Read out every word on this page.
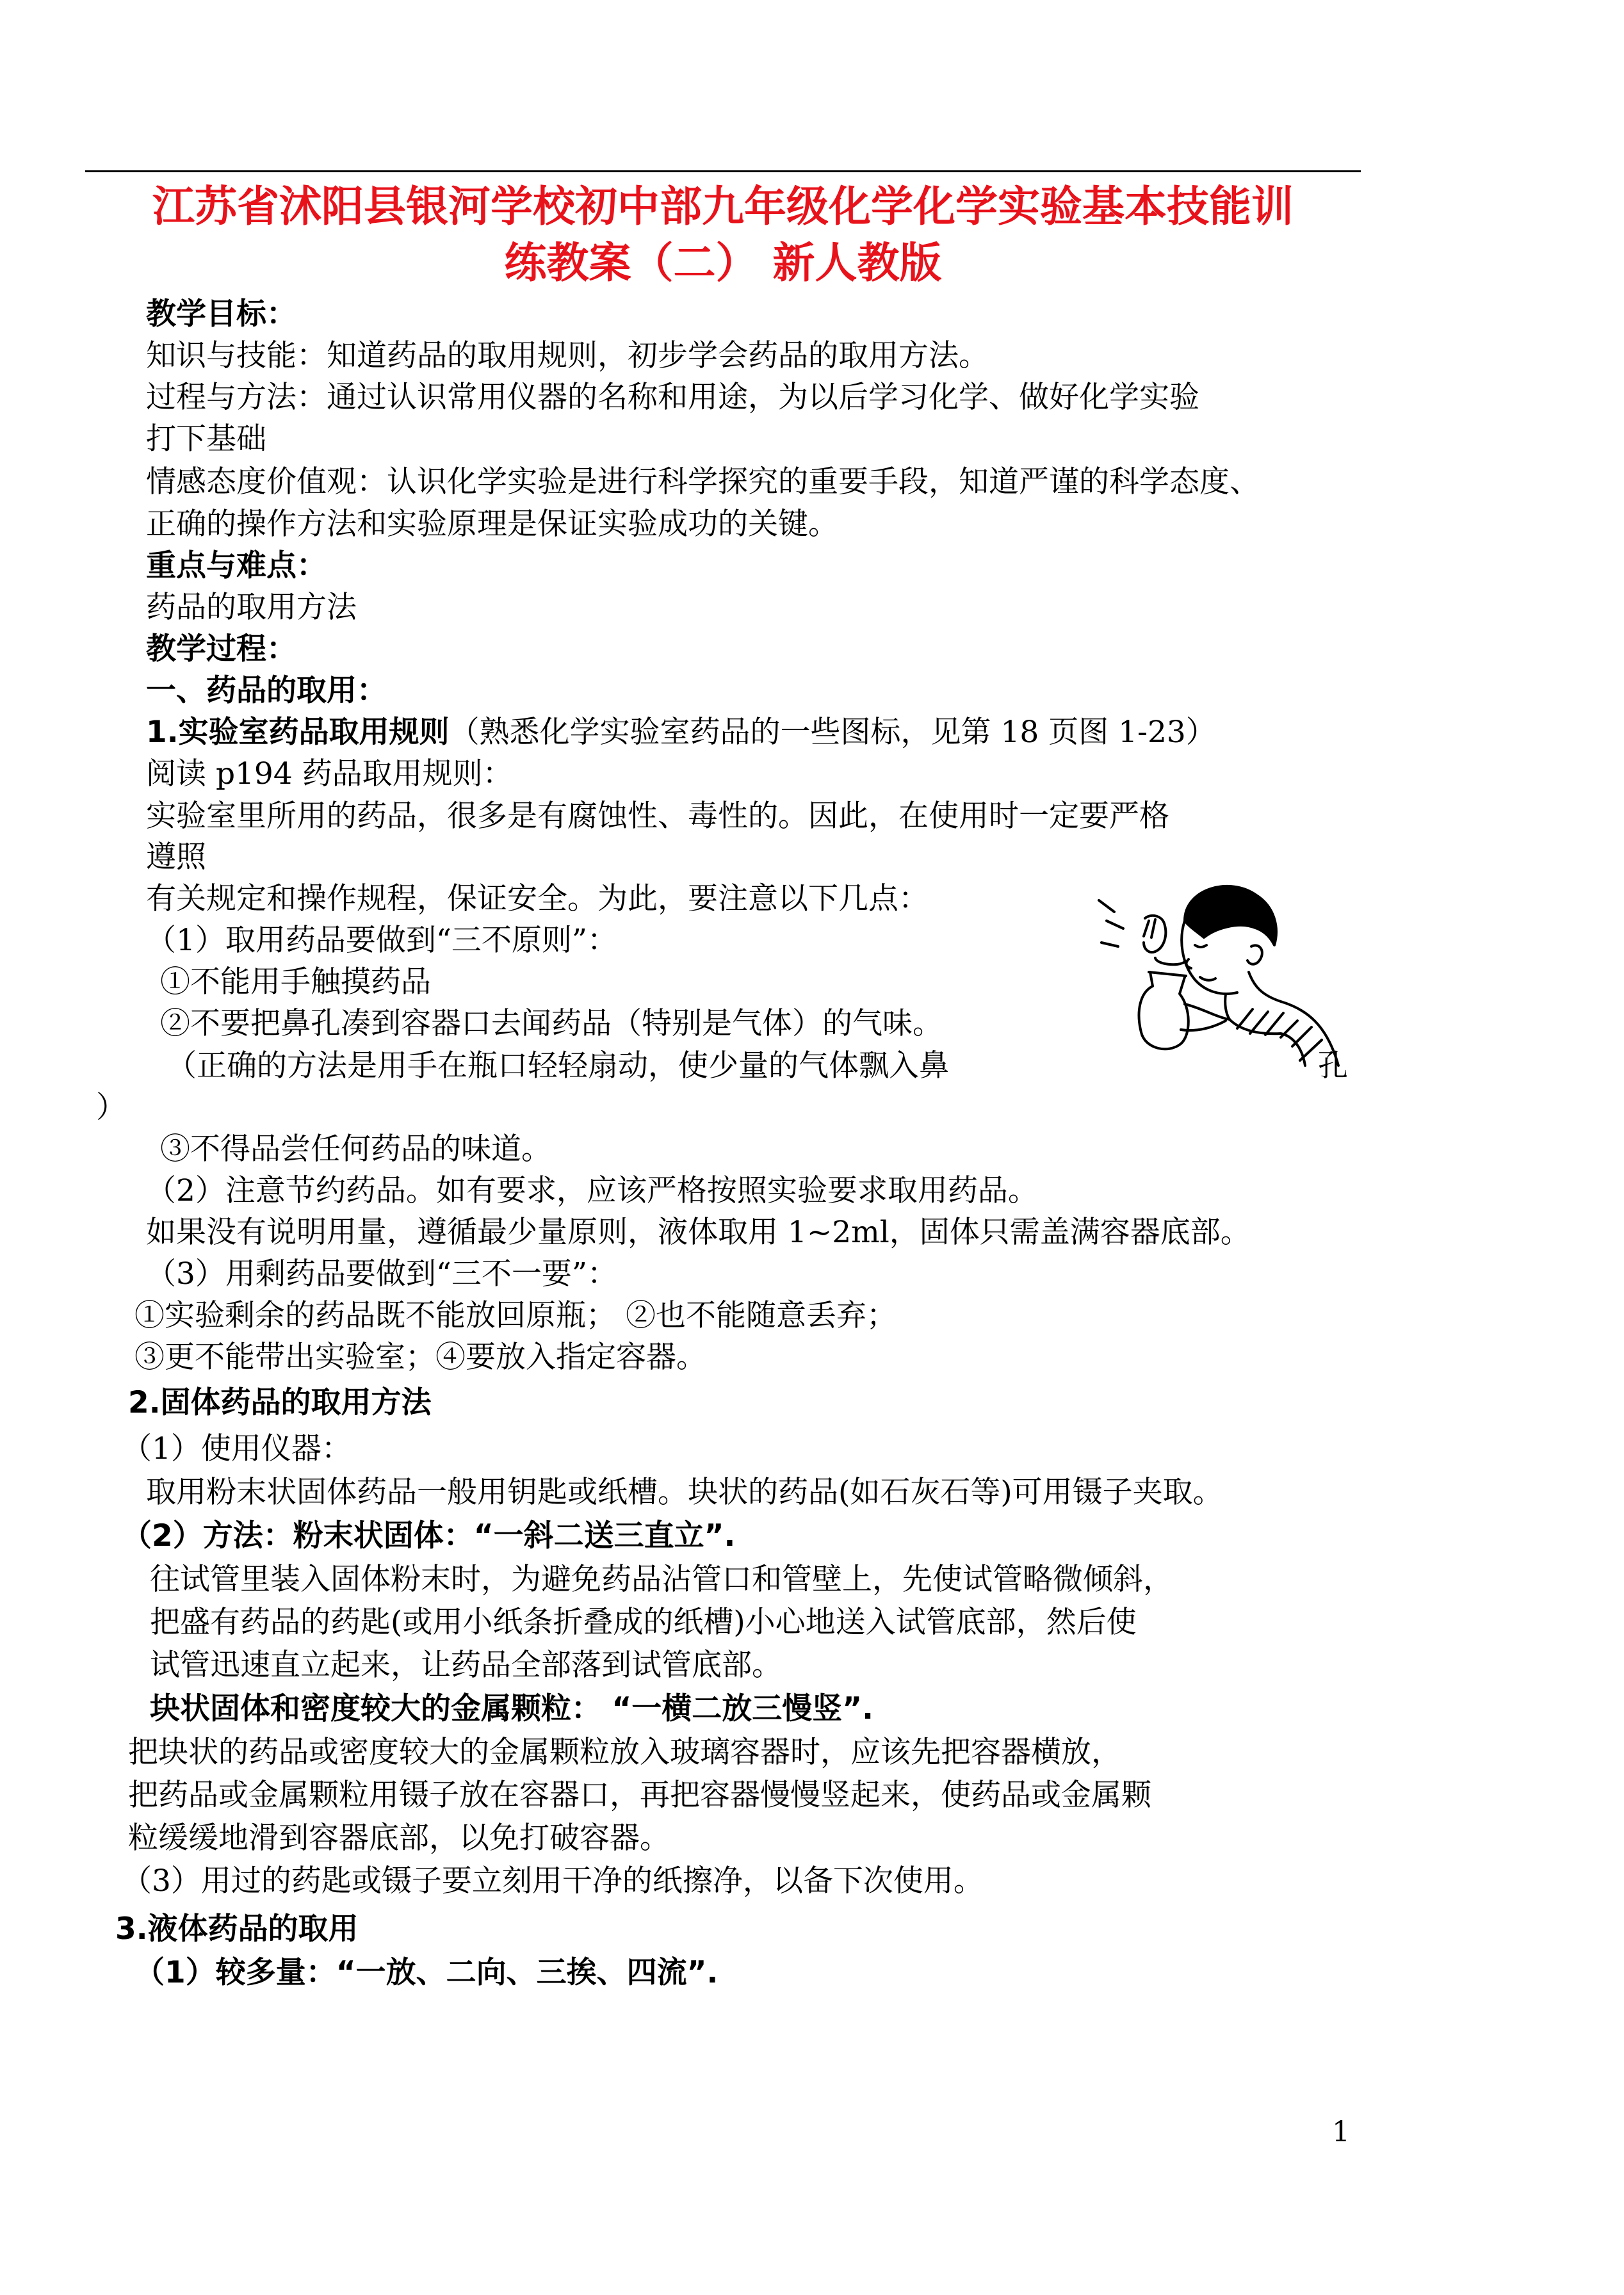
江苏省沭阳县银河学校初中部九年级化学化学实验基本技能训
练教案（二） 新人教版
教学目标：
知识与技能：知道药品的取用规则，初步学会药品的取用方法。
过程与方法：通过认识常用仪器的名称和用途，为以后学习化学、做好化学实验
打下基础
情感态度价值观：认识化学实验是进行科学探究的重要手段，知道严谨的科学态度、
正确的操作方法和实验原理是保证实验成功的关键。
重点与难点：
药品的取用方法
教学过程：
一、药品的取用：
1.实验室药品取用规则（熟悉化学实验室药品的一些图标，见第 18 页图 1-23）
阅读 p194 药品取用规则：
实验室里所用的药品，很多是有腐蚀性、毒性的。因此，在使用时一定要严格
遵照
有关规定和操作规程，保证安全。为此，要注意以下几点：
（1）取用药品要做到“三不原则”：
①不能用手触摸药品
②不要把鼻孔凑到容器口去闻药品（特别是气体）的气味。
（正确的方法是用手在瓶口轻轻扇动，使少量的气体飘入鼻	孔
）
③不得品尝任何药品的味道。
（2）注意节约药品。如有要求，应该严格按照实验要求取用药品。
如果没有说明用量，遵循最少量原则，液体取用 1~2ml，固体只需盖满容器底部。
（3）用剩药品要做到“三不一要”：
①实验剩余的药品既不能放回原瓶； ②也不能随意丢弃；
③更不能带出实验室；④要放入指定容器。
2.固体药品的取用方法
（1）使用仪器：
取用粉末状固体药品一般用钥匙或纸槽。块状的药品(如石灰石等)可用镊子夹取。
（2）方法：粉末状固体：“一斜二送三直立”.
往试管里装入固体粉末时，为避免药品沾管口和管壁上，先使试管略微倾斜，
把盛有药品的药匙(或用小纸条折叠成的纸槽)小心地送入试管底部，然后使
试管迅速直立起来，让药品全部落到试管底部。
块状固体和密度较大的金属颗粒： “一横二放三慢竖”.
把块状的药品或密度较大的金属颗粒放入玻璃容器时，应该先把容器横放，
把药品或金属颗粒用镊子放在容器口，再把容器慢慢竖起来，使药品或金属颗
粒缓缓地滑到容器底部，以免打破容器。
（3）用过的药匙或镊子要立刻用干净的纸擦净，以备下次使用。
3.液体药品的取用
（1）较多量：“一放、二向、三挨、四流”.
1
